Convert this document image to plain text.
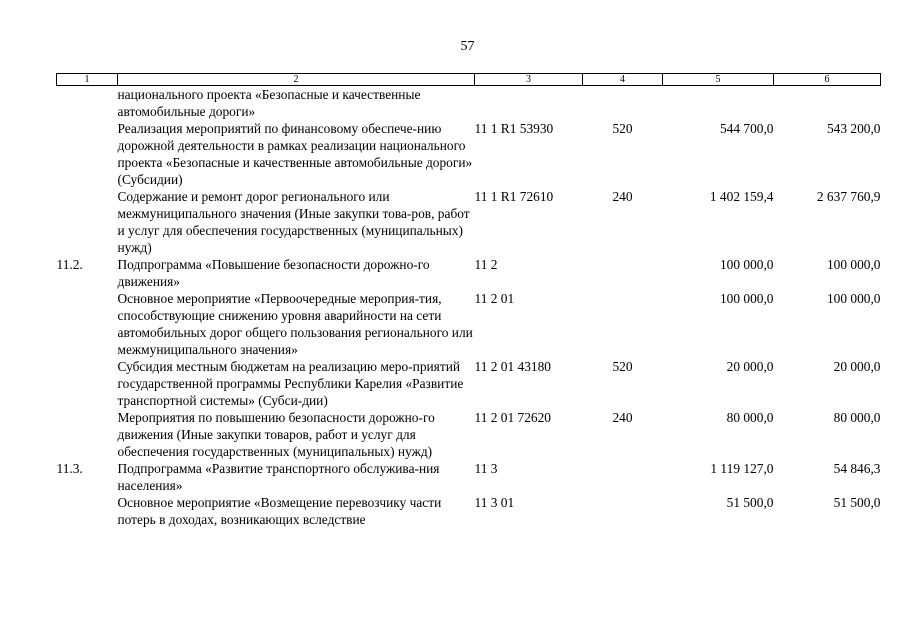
57
1	2	3	4	5	6
	национального проекта «Безопасные и качественные автомобильные дороги»				
	Реализация мероприятий по финансовому обеспече-нию дорожной деятельности в рамках реализации национального проекта «Безопасные и качественные автомобильные дороги» (Субсидии)	11 1 R1 53930	520	544 700,0	543 200,0
	Содержание и ремонт дорог регионального или межмуниципального значения (Иные закупки това-ров, работ и услуг для обеспечения государственных (муниципальных) нужд)	11 1 R1 72610	240	1 402 159,4	2 637 760,9
11.2.	Подпрограмма «Повышение безопасности дорожно-го движения»	11 2		100 000,0	100 000,0
	Основное мероприятие «Первоочередные мероприя-тия, способствующие снижению уровня аварийности на сети автомобильных дорог общего пользования регионального или межмуниципального значения»	11 2 01		100 000,0	100 000,0
	Субсидия местным бюджетам на реализацию меро-приятий государственной программы Республики Карелия «Развитие транспортной системы» (Субси-дии)	11 2 01 43180	520	20 000,0	20 000,0
	Мероприятия по повышению безопасности дорожно-го движения (Иные закупки товаров, работ и услуг для обеспечения государственных (муниципальных) нужд)	11 2 01 72620	240	80 000,0	80 000,0
11.3.	Подпрограмма «Развитие транспортного обслужива-ния населения»	11 3		1 119 127,0	54 846,3
	Основное мероприятие «Возмещение перевозчику части потерь в доходах, возникающих вследствие	11 3 01		51 500,0	51 500,0
